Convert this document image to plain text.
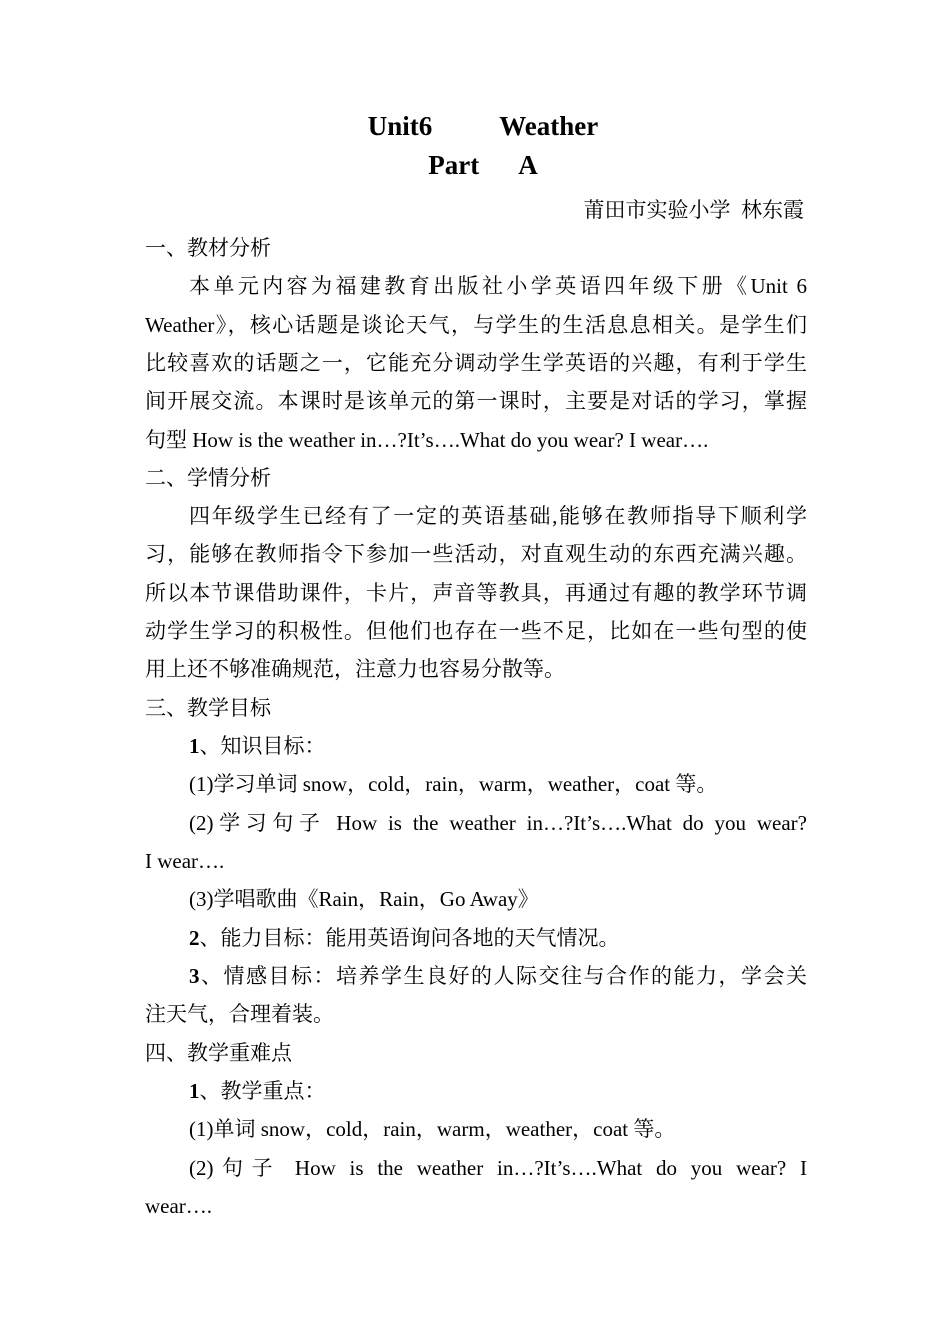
Unit6          Weather
Part      A
莆田市实验小学  林东霞
一、教材分析
本单元内容为福建教育出版社小学英语四年级下册《Unit 6
Weather》，核心话题是谈论天气，与学生的生活息息相关。是学生们
比较喜欢的话题之一，它能充分调动学生学英语的兴趣，有利于学生
间开展交流。本课时是该单元的第一课时，主要是对话的学习，掌握
句型 How is the weather in…?It’s….What do you wear? I wear….
二、学情分析
四年级学生已经有了一定的英语基础,能够在教师指导下顺利学
习，能够在教师指令下参加一些活动，对直观生动的东西充满兴趣。
所以本节课借助课件，卡片，声音等教具，再通过有趣的教学环节调
动学生学习的积极性。但他们也存在一些不足，比如在一些句型的使
用上还不够准确规范，注意力也容易分散等。
三、教学目标
1、知识目标：
(1)学习单词 snow，cold，rain，warm，weather，coat 等。
(2)学习句子 How is the weather in…?It’s….What do you wear?
I wear….
(3)学唱歌曲《Rain，Rain，Go Away》
2、能力目标：能用英语询问各地的天气情况。
3、情感目标：培养学生良好的人际交往与合作的能力，学会关
注天气，合理着装。
四、教学重难点
1、教学重点：
(1)单词 snow，cold，rain，warm，weather，coat 等。
(2)句子 How is the weather in…?It’s….What do you wear? I
wear….
